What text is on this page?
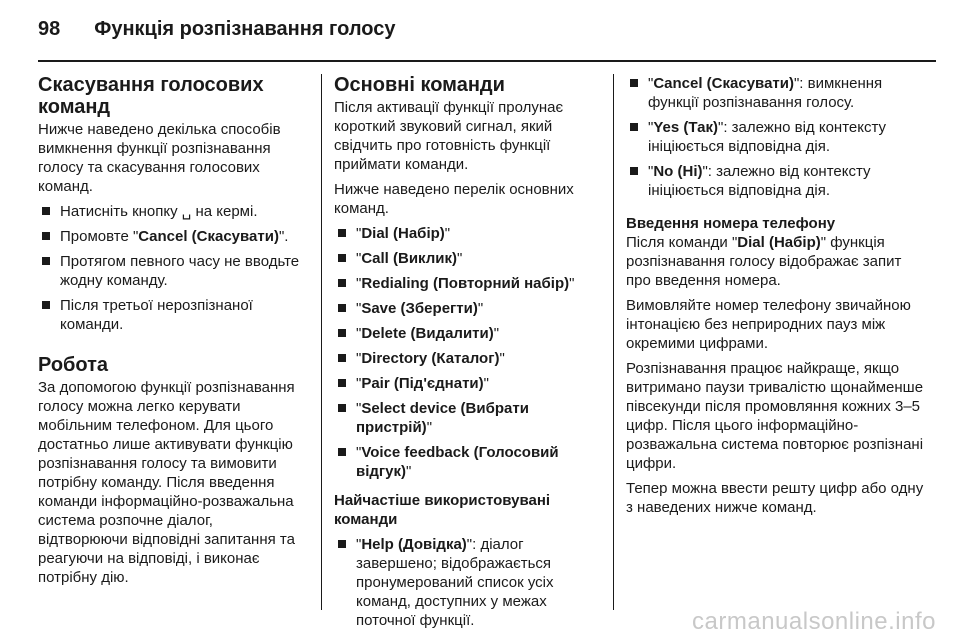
98 Функція розпізнавання голосу
Скасування голосових команд

Нижче наведено декілька способів вимкнення функції розпізнавання голосу та скасування голосових команд.

Натисніть кнопку ␣ на кермі.
Промовте "Cancel (Скасувати)".
Протягом певного часу не вводьте жодну команду.
Після третьої нерозпізнаної команди.
Робота

За допомогою функції розпізнавання голосу можна легко керувати мобільним телефоном. Для цього достатньо лише активувати функцію розпізнавання голосу та вимовити потрібну команду. Після введення команди інформаційно-розважальна система розпочне діалог, відтворюючи відповідні запитання та реагуючи на відповіді, і виконає потрібну дію.

Основні команди

Після активації функції пролунає короткий звуковий сигнал, який свідчить про готовність функції приймати команди.

Нижче наведено перелік основних команд.

"Dial (Набір)"
"Call (Виклик)"
"Redialing (Повторний набір)"
"Save (Зберегти)"
"Delete (Видалити)"
"Directory (Каталог)"
"Pair (Під'єднати)"
"Select device (Вибрати пристрій)"
"Voice feedback (Голосовий відгук)"
Найчастіше використовувані команди
"Help (Довідка)": діалог завершено; відображається пронумерований список усіх команд, доступних у межах поточної функції.
"Cancel (Скасувати)": вимкнення функції розпізнавання голосу.
"Yes (Так)": залежно від контексту ініціюється відповідна дія.
"No (Ні)": залежно від контексту ініціюється відповідна дія.
Введення номера телефону

Після команди "Dial (Набір)" функція розпізнавання голосу відображає запит про введення номера.

Вимовляйте номер телефону звичайною інтонацією без неприродних пауз між окремими цифрами.

Розпізнавання працює найкраще, якщо витримано паузи тривалістю щонайменше півсекунди після промовляння кожних 3–5 цифр. Після цього інформаційно-розважальна система повторює розпізнані цифри.

Тепер можна ввести решту цифр або одну з наведених нижче команд.

carmanualsonline.info
